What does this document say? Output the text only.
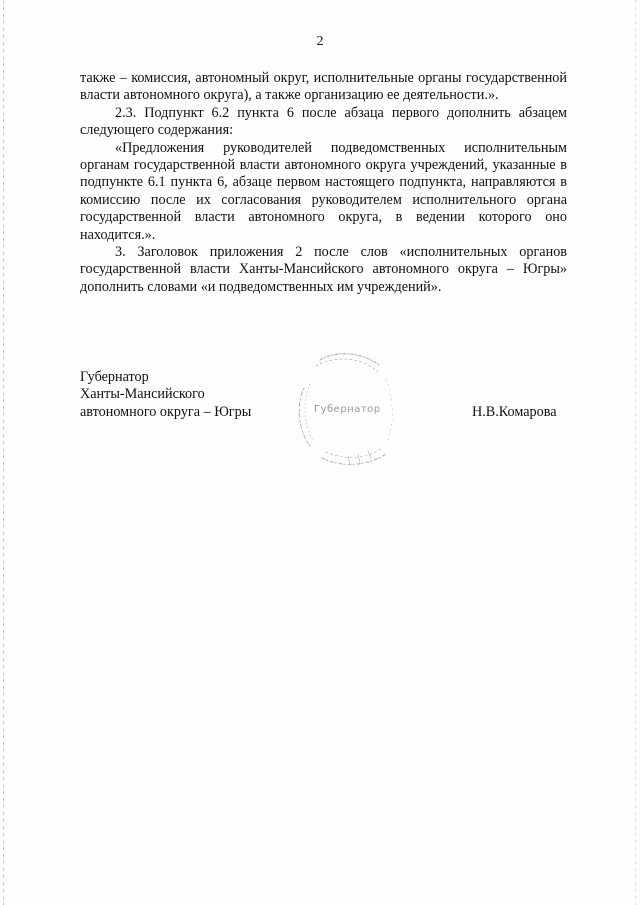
2

также – комиссия, автономный округ, исполнительные органы государственной власти автономного округа), а также организацию ее деятельности.».

2.3. Подпункт 6.2 пункта 6 после абзаца первого дополнить абзацем следующего содержания:

«Предложения руководителей подведомственных исполнительным органам государственной власти автономного округа учреждений, указанные в подпункте 6.1 пункта 6, абзаце первом настоящего подпункта, направляются в комиссию после их согласования руководителем исполнительного органа государственной власти автономного округа, в ведении которого оно находится.».

3. Заголовок приложения 2 после слов «исполнительных органов государственной власти Ханты-Мансийского автономного округа – Югры» дополнить словами «и подведомственных им учреждений».

Губернатор
Ханты-Мансийского
автономного округа – Югры	Губернатор	Н.В.Комарова
